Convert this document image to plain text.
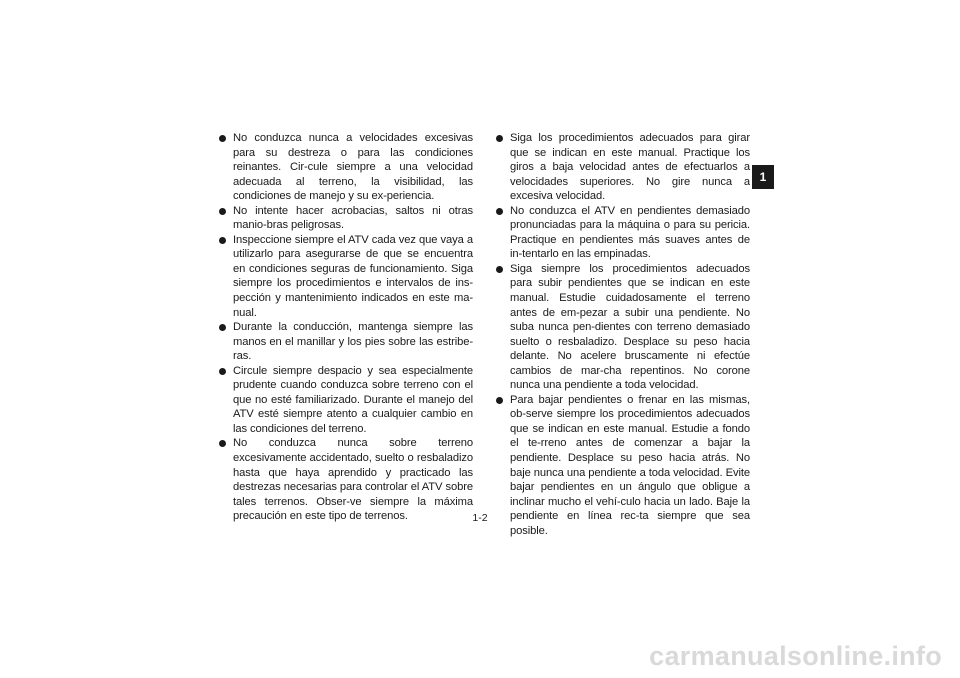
No conduzca nunca a velocidades excesivas para su destreza o para las condiciones reinantes. Cir-cule siempre a una velocidad adecuada al terreno, la visibilidad, las condiciones de manejo y su ex-periencia.
No intente hacer acrobacias, saltos ni otras manio-bras peligrosas.
Inspeccione siempre el ATV cada vez que vaya a utilizarlo para asegurarse de que se encuentra en condiciones seguras de funcionamiento. Siga siempre los procedimientos e intervalos de ins-pección y mantenimiento indicados en este ma-nual.
Durante la conducción, mantenga siempre las manos en el manillar y los pies sobre las estribe-ras.
Circule siempre despacio y sea especialmente prudente cuando conduzca sobre terreno con el que no esté familiarizado. Durante el manejo del ATV esté siempre atento a cualquier cambio en las condiciones del terreno.
No conduzca nunca sobre terreno excesivamente accidentado, suelto o resbaladizo hasta que haya aprendido y practicado las destrezas necesarias para controlar el ATV sobre tales terrenos. Obser-ve siempre la máxima precaución en este tipo de terrenos.
Siga los procedimientos adecuados para girar que se indican en este manual. Practique los giros a baja velocidad antes de efectuarlos a velocidades superiores. No gire nunca a excesiva velocidad.
No conduzca el ATV en pendientes demasiado pronunciadas para la máquina o para su pericia. Practique en pendientes más suaves antes de in-tentarlo en las empinadas.
Siga siempre los procedimientos adecuados para subir pendientes que se indican en este manual. Estudie cuidadosamente el terreno antes de em-pezar a subir una pendiente. No suba nunca pen-dientes con terreno demasiado suelto o resbaladizo. Desplace su peso hacia delante. No acelere bruscamente ni efectúe cambios de mar-cha repentinos. No corone nunca una pendiente a toda velocidad.
Para bajar pendientes o frenar en las mismas, ob-serve siempre los procedimientos adecuados que se indican en este manual. Estudie a fondo el te-rreno antes de comenzar a bajar la pendiente. Desplace su peso hacia atrás. No baje nunca una pendiente a toda velocidad. Evite bajar pendientes en un ángulo que obligue a inclinar mucho el vehí-culo hacia un lado. Baje la pendiente en línea rec-ta siempre que sea posible.
1
1-2
carmanualsonline.info
